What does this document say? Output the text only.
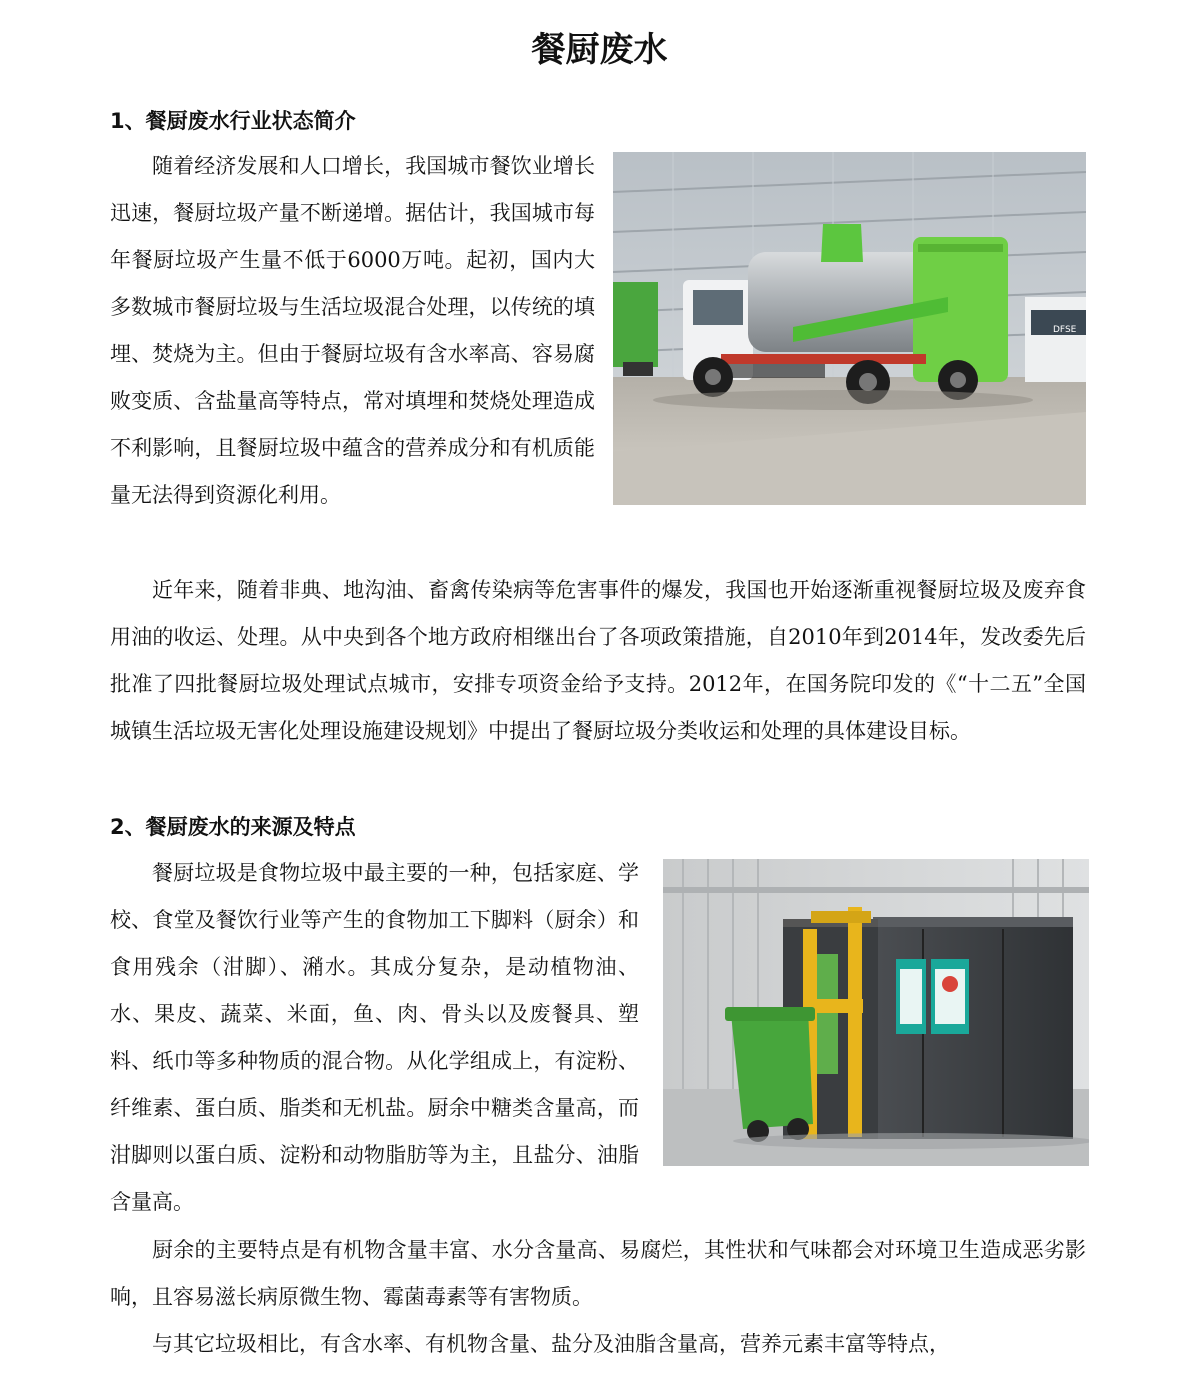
餐厨废水
1、餐厨废水行业状态简介
DFSE

随着经济发展和人口增长，我国城市餐饮业增长迅速，餐厨垃圾产量不断递增。据估计，我国城市每年餐厨垃圾产生量不低于6000万吨。起初，国内大多数城市餐厨垃圾与生活垃圾混合处理，以传统的填埋、焚烧为主。但由于餐厨垃圾有含水率高、容易腐败变质、含盐量高等特点，常对填埋和焚烧处理造成不利影响，且餐厨垃圾中蕴含的营养成分和有机质能量无法得到资源化利用。

近年来，随着非典、地沟油、畜禽传染病等危害事件的爆发，我国也开始逐渐重视餐厨垃圾及废弃食用油的收运、处理。从中央到各个地方政府相继出台了各项政策措施，自2010年到2014年，发改委先后批准了四批餐厨垃圾处理试点城市，安排专项资金给予支持。2012年，在国务院印发的《“十二五”全国城镇生活垃圾无害化处理设施建设规划》中提出了餐厨垃圾分类收运和处理的具体建设目标。

2、餐厨废水的来源及特点

餐厨垃圾是食物垃圾中最主要的一种，包括家庭、学校、食堂及餐饮行业等产生的食物加工下脚料（厨余）和食用残余（泔脚）、潲水。其成分复杂，是动植物油、水、果皮、蔬菜、米面，鱼、肉、骨头以及废餐具、塑料、纸巾等多种物质的混合物。从化学组成上，有淀粉、纤维素、蛋白质、脂类和无机盐。厨余中糖类含量高，而泔脚则以蛋白质、淀粉和动物脂肪等为主，且盐分、油脂含量高。

厨余的主要特点是有机物含量丰富、水分含量高、易腐烂，其性状和气味都会对环境卫生造成恶劣影响，且容易滋长病原微生物、霉菌毒素等有害物质。

与其它垃圾相比，有含水率、有机物含量、盐分及油脂含量高，营养元素丰富等特点，
